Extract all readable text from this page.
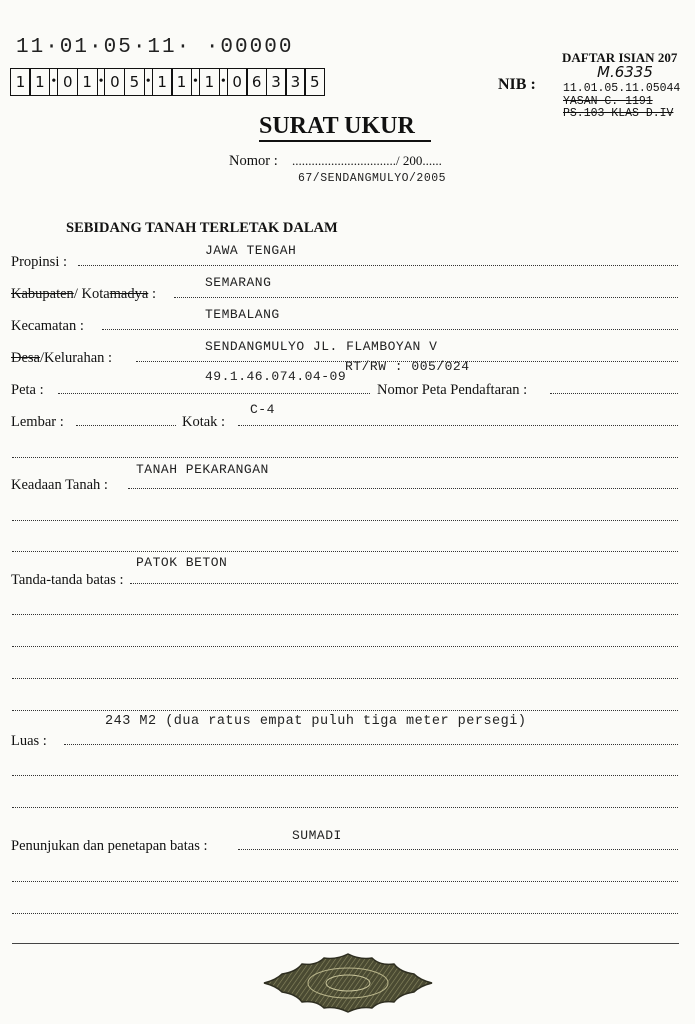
11·01·05·11· ·00000
1 1 • 0 1 • 0 5 • 1 1 • 1 • 0 6 3 3 5
DAFTAR ISIAN 207
M.6335
NIB : 11.01.05.11.05044
YASAN C. 1191
PS.103 KLAS D.IV
SURAT UKUR
Nomor : ................................/ 200......
67/SENDANGMULYO/2005
SEBIDANG TANAH TERLETAK DALAM
JAWA TENGAH
Propinsi :
SEMARANG
Kabupaten/ Kotamadya :
TEMBALANG
Kecamatan :
SENDANGMULYO JL. FLAMBOYAN V
Desa/Kelurahan :
RT/RW : 005/024
49.1.46.074.04-09
Peta :	Nomor Peta Pendaftaran :
C-4
Lembar :	Kotak :
TANAH PEKARANGAN
Keadaan Tanah :
PATOK BETON
Tanda-tanda batas :
243 M2 (dua ratus empat puluh tiga meter persegi)
Luas :
SUMADI
Penunjukan dan penetapan batas :
